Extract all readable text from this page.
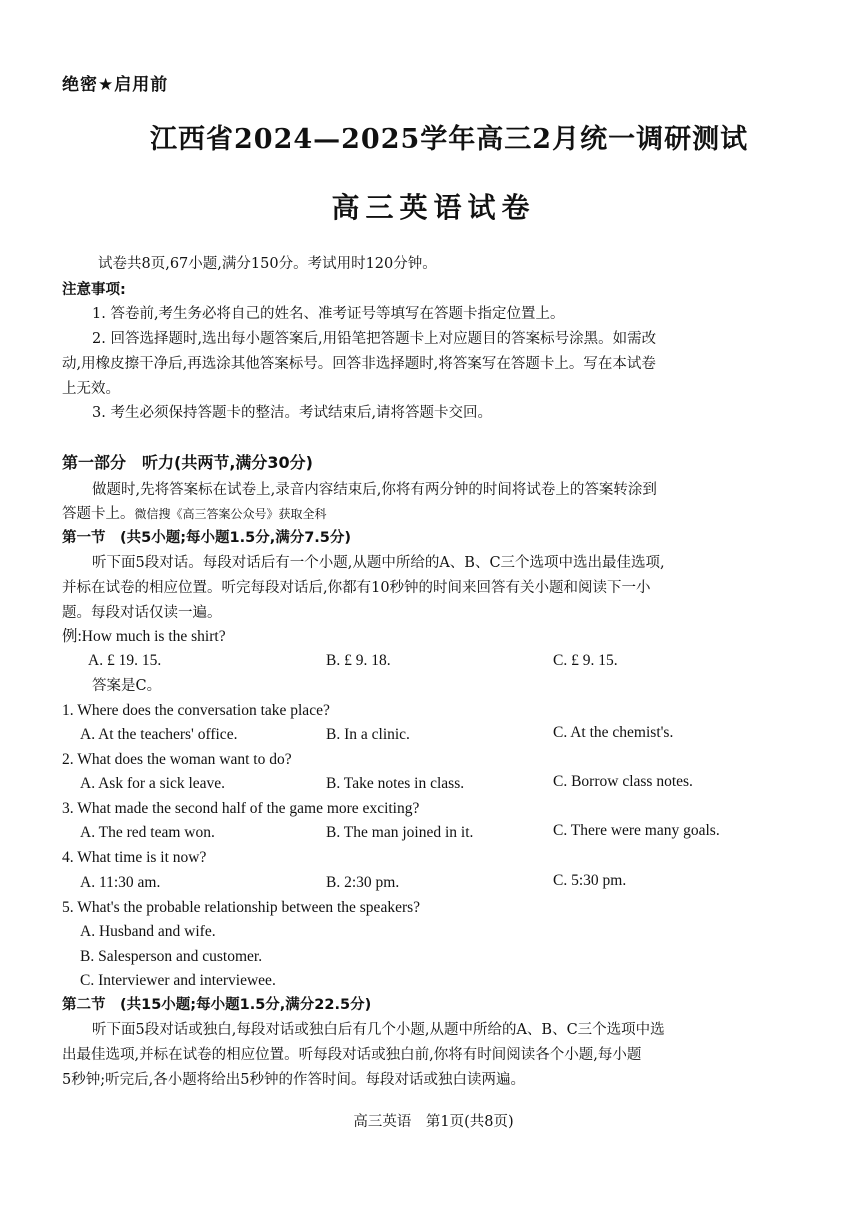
绝密★启用前
江西省2024—2025学年高三2月统一调研测试
高三英语试卷
试卷共8页,67小题,满分150分。考试用时120分钟。
注意事项:
1. 答卷前,考生务必将自己的姓名、准考证号等填写在答题卡指定位置上。
2. 回答选择题时,选出每小题答案后,用铅笔把答题卡上对应题目的答案标号涂黑。如需改
动,用橡皮擦干净后,再选涂其他答案标号。回答非选择题时,将答案写在答题卡上。写在本试卷
上无效。
3. 考生必须保持答题卡的整洁。考试结束后,请将答题卡交回。
第一部分　听力(共两节,满分30分)
做题时,先将答案标在试卷上,录音内容结束后,你将有两分钟的时间将试卷上的答案转涂到
答题卡上。微信搜《高三答案公众号》获取全科
第一节　(共5小题;每小题1.5分,满分7.5分)
听下面5段对话。每段对话后有一个小题,从题中所给的A、B、C三个选项中选出最佳选项,
并标在试卷的相应位置。听完每段对话后,你都有10秒钟的时间来回答有关小题和阅读下一小
题。每段对话仅读一遍。
例:How much is the shirt?
A. £ 19. 15.	B. £ 9. 18.	C. £ 9. 15.
答案是C。
1. Where does the conversation take place?
A. At the teachers' office.	B. In a clinic.	C. At the chemist's.
2. What does the woman want to do?
A. Ask for a sick leave.	B. Take notes in class.	C. Borrow class notes.
3. What made the second half of the game more exciting?
A. The red team won.	B. The man joined in it.	C. There were many goals.
4. What time is it now?
A. 11:30 am.	B. 2:30 pm.	C. 5:30 pm.
5. What's the probable relationship between the speakers?
A. Husband and wife.
B. Salesperson and customer.
C. Interviewer and interviewee.
第二节　(共15小题;每小题1.5分,满分22.5分)
听下面5段对话或独白,每段对话或独白后有几个小题,从题中所给的A、B、C三个选项中选
出最佳选项,并标在试卷的相应位置。听每段对话或独白前,你将有时间阅读各个小题,每小题
5秒钟;听完后,各小题将给出5秒钟的作答时间。每段对话或独白读两遍。
高三英语　第1页(共8页)
